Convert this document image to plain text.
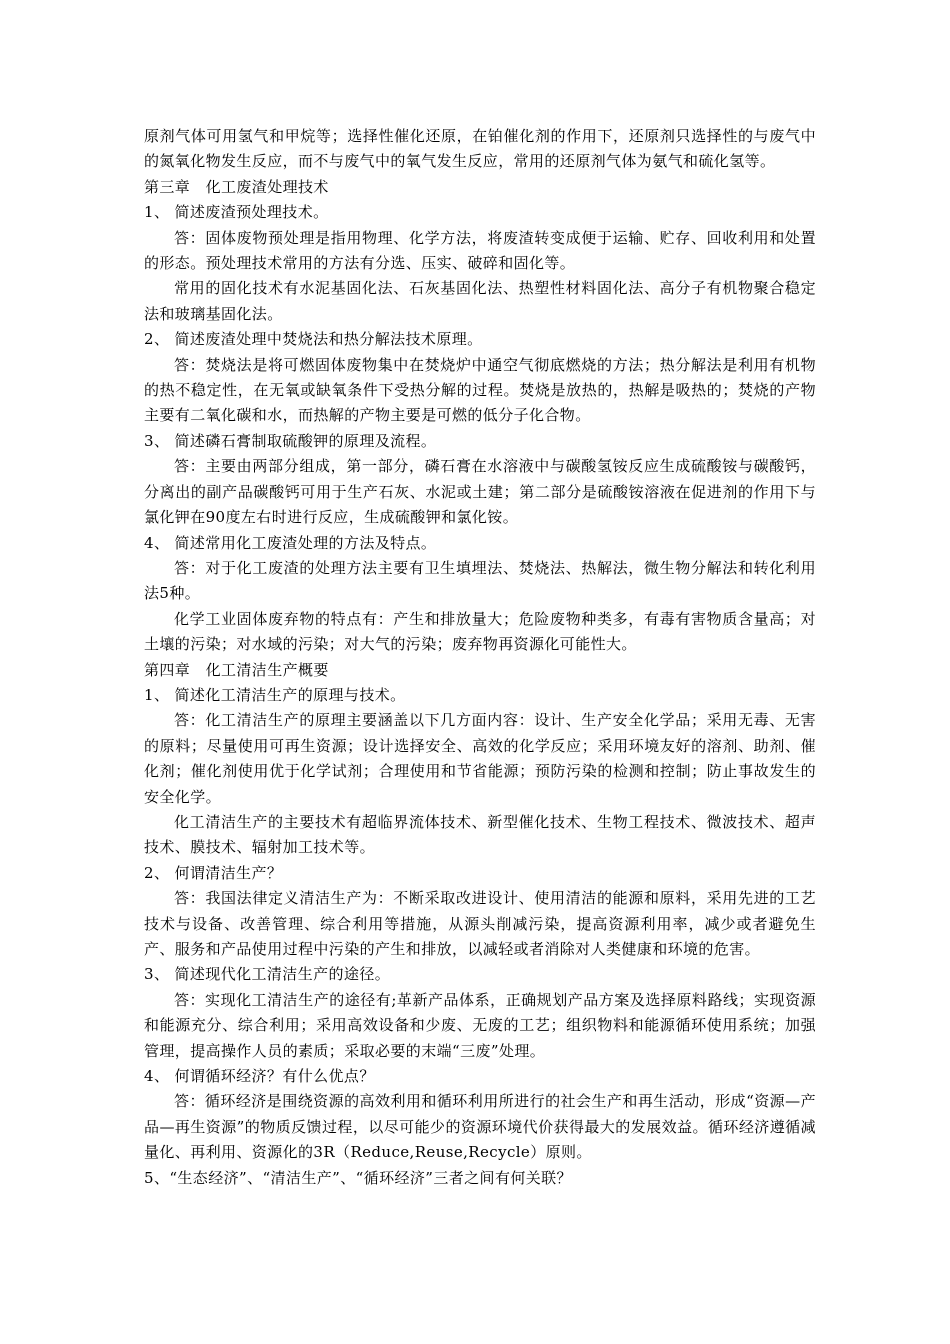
原剂气体可用氢气和甲烷等；选择性催化还原，在铂催化剂的作用下，还原剂只选择性的与废气中的氮氧化物发生反应，而不与废气中的氧气发生反应，常用的还原剂气体为氨气和硫化氢等。

第三章　化工废渣处理技术

1、 简述废渣预处理技术。

答：固体废物预处理是指用物理、化学方法，将废渣转变成便于运输、贮存、回收利用和处置的形态。预处理技术常用的方法有分选、压实、破碎和固化等。

常用的固化技术有水泥基固化法、石灰基固化法、热塑性材料固化法、高分子有机物聚合稳定法和玻璃基固化法。

2、 简述废渣处理中焚烧法和热分解法技术原理。

答：焚烧法是将可燃固体废物集中在焚烧炉中通空气彻底燃烧的方法；热分解法是利用有机物的热不稳定性，在无氧或缺氧条件下受热分解的过程。焚烧是放热的，热解是吸热的；焚烧的产物主要有二氧化碳和水，而热解的产物主要是可燃的低分子化合物。

3、 简述磷石膏制取硫酸钾的原理及流程。

答：主要由两部分组成，第一部分，磷石膏在水溶液中与碳酸氢铵反应生成硫酸铵与碳酸钙，分离出的副产品碳酸钙可用于生产石灰、水泥或土建；第二部分是硫酸铵溶液在促进剂的作用下与氯化钾在90度左右时进行反应，生成硫酸钾和氯化铵。

4、 简述常用化工废渣处理的方法及特点。

答：对于化工废渣的处理方法主要有卫生填埋法、焚烧法、热解法，微生物分解法和转化利用法5种。

化学工业固体废弃物的特点有：产生和排放量大；危险废物种类多，有毒有害物质含量高；对土壤的污染；对水域的污染；对大气的污染；废弃物再资源化可能性大。

第四章　化工清洁生产概要

1、 简述化工清洁生产的原理与技术。

答：化工清洁生产的原理主要涵盖以下几方面内容：设计、生产安全化学品；采用无毒、无害的原料；尽量使用可再生资源；设计选择安全、高效的化学反应；采用环境友好的溶剂、助剂、催化剂；催化剂使用优于化学试剂；合理使用和节省能源；预防污染的检测和控制；防止事故发生的安全化学。

化工清洁生产的主要技术有超临界流体技术、新型催化技术、生物工程技术、微波技术、超声技术、膜技术、辐射加工技术等。

2、 何谓清洁生产？

答：我国法律定义清洁生产为：不断采取改进设计、使用清洁的能源和原料，采用先进的工艺技术与设备、改善管理、综合利用等措施，从源头削减污染，提高资源利用率，减少或者避免生产、服务和产品使用过程中污染的产生和排放，以减轻或者消除对人类健康和环境的危害。

3、 简述现代化工清洁生产的途径。

答：实现化工清洁生产的途径有;革新产品体系，正确规划产品方案及选择原料路线；实现资源和能源充分、综合利用；采用高效设备和少废、无废的工艺；组织物料和能源循环使用系统；加强管理，提高操作人员的素质；采取必要的末端“三废”处理。

4、 何谓循环经济？有什么优点？

答：循环经济是围绕资源的高效利用和循环利用所进行的社会生产和再生活动，形成“资源—产品—再生资源”的物质反馈过程，以尽可能少的资源环境代价获得最大的发展效益。循环经济遵循减量化、再利用、资源化的3R（Reduce,Reuse,Recycle）原则。

5、“生态经济”、“清洁生产”、“循环经济”三者之间有何关联？
